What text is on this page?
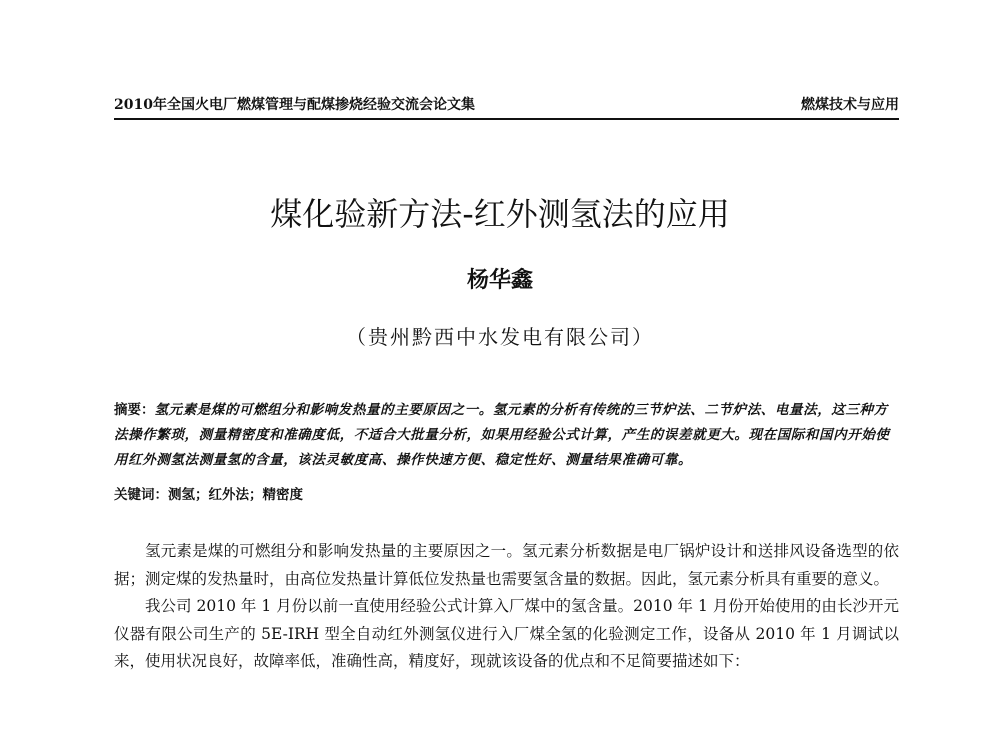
2010年全国火电厂燃煤管理与配煤掺烧经验交流会论文集	燃煤技术与应用
煤化验新方法-红外测氢法的应用
杨华鑫
（贵州黔西中水发电有限公司）
摘要：氢元素是煤的可燃组分和影响发热量的主要原因之一。氢元素的分析有传统的三节炉法、二节炉法、电量法，这三种方法操作繁琐，测量精密度和准确度低，不适合大批量分析，如果用经验公式计算，产生的误差就更大。现在国际和国内开始使用红外测氢法测量氢的含量，该法灵敏度高、操作快速方便、稳定性好、测量结果准确可靠。
关键词：测氢；红外法；精密度

氢元素是煤的可燃组分和影响发热量的主要原因之一。氢元素分析数据是电厂锅炉设计和送排风设备选型的依据；测定煤的发热量时，由高位发热量计算低位发热量也需要氢含量的数据。因此，氢元素分析具有重要的意义。

我公司 2010 年 1 月份以前一直使用经验公式计算入厂煤中的氢含量。2010 年 1 月份开始使用的由长沙开元仪器有限公司生产的 5E-IRH 型全自动红外测氢仪进行入厂煤全氢的化验测定工作，设备从 2010 年 1 月调试以来，使用状况良好，故障率低，准确性高，精度好，现就该设备的优点和不足简要描述如下：
